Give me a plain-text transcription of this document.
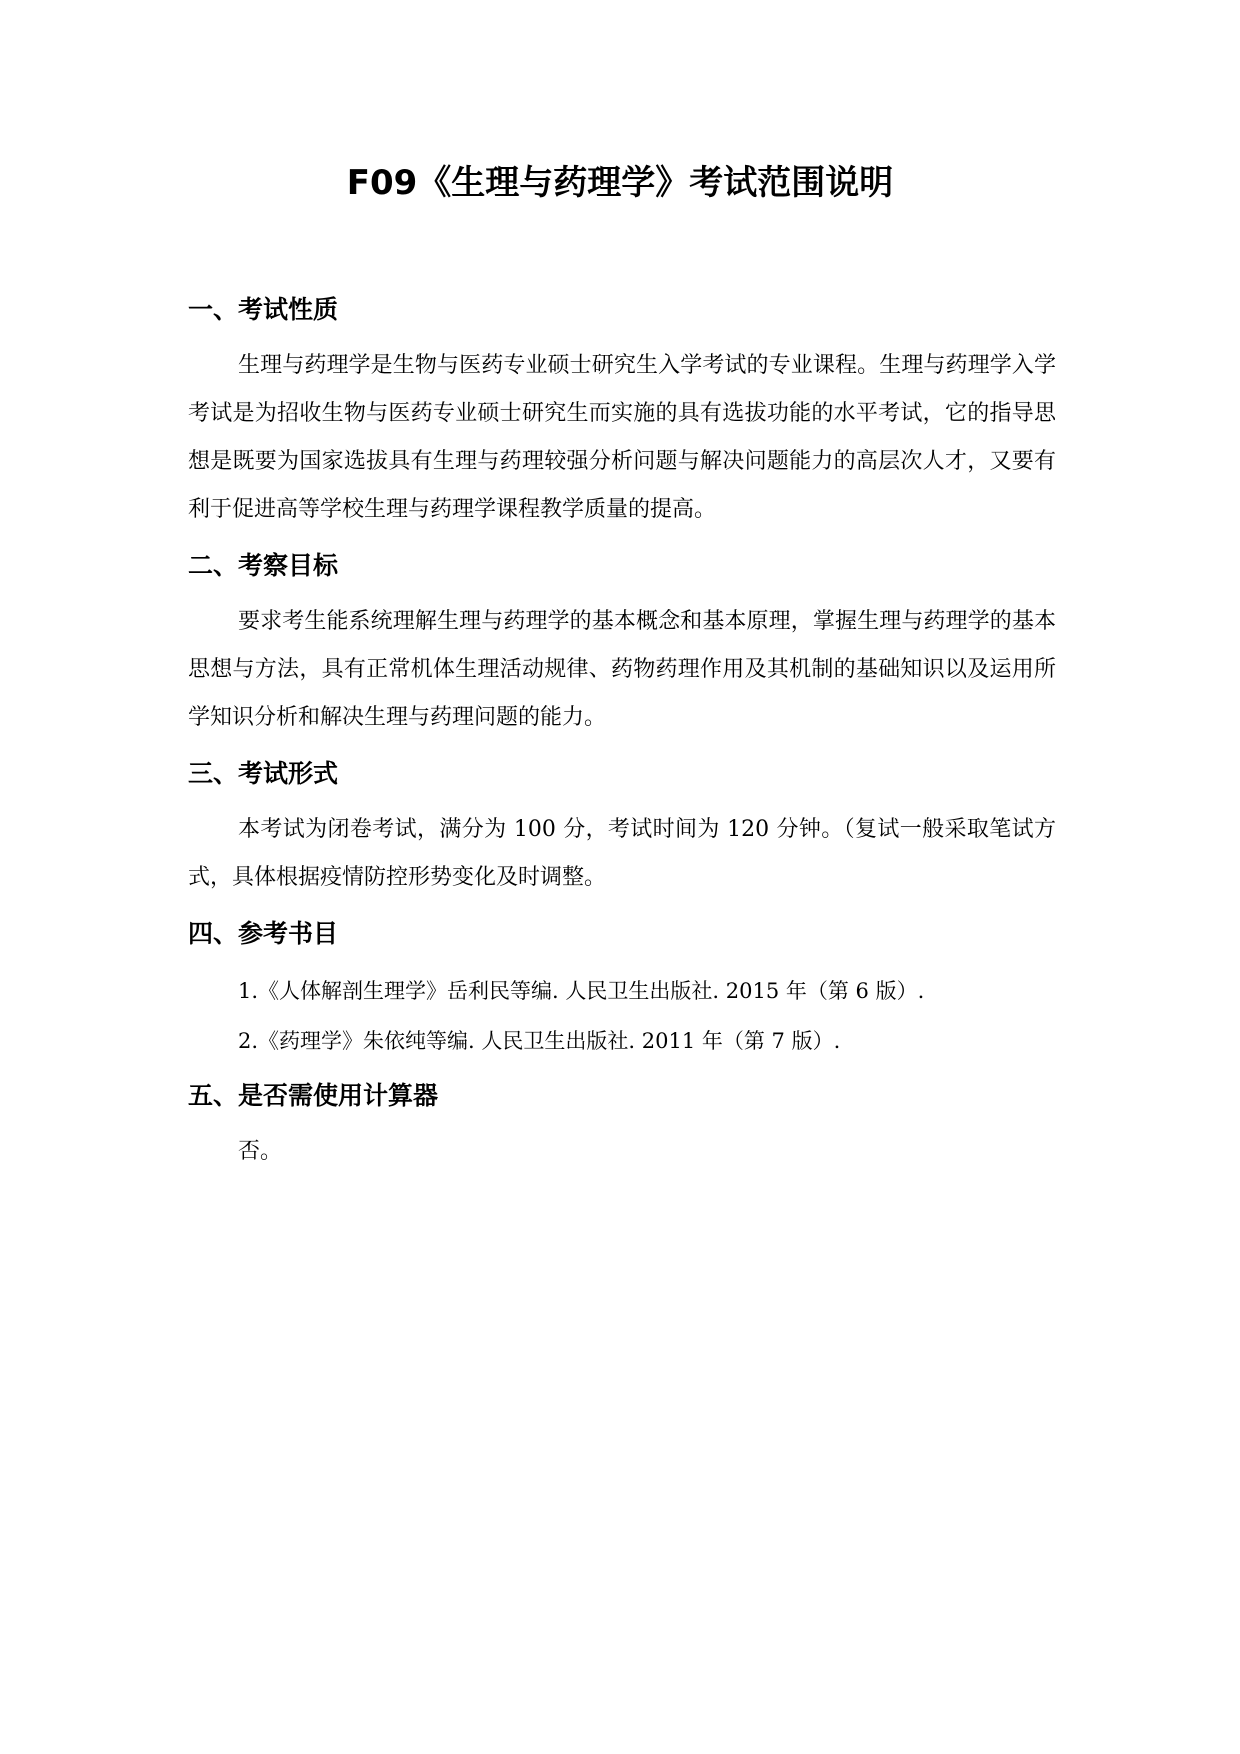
F09《生理与药理学》考试范围说明
一、考试性质

生理与药理学是生物与医药专业硕士研究生入学考试的专业课程。生理与药理学入学考试是为招收生物与医药专业硕士研究生而实施的具有选拔功能的水平考试，它的指导思想是既要为国家选拔具有生理与药理较强分析问题与解决问题能力的高层次人才，又要有利于促进高等学校生理与药理学课程教学质量的提高。

二、考察目标

要求考生能系统理解生理与药理学的基本概念和基本原理，掌握生理与药理学的基本思想与方法，具有正常机体生理活动规律、药物药理作用及其机制的基础知识以及运用所学知识分析和解决生理与药理问题的能力。

三、考试形式

本考试为闭卷考试，满分为 100 分，考试时间为 120 分钟。（复试一般采取笔试方式，具体根据疫情防控形势变化及时调整。

四、参考书目
1.《人体解剖生理学》岳利民等编. 人民卫生出版社. 2015 年（第 6 版）.
2.《药理学》朱依纯等编. 人民卫生出版社. 2011 年（第 7 版）.
五、是否需使用计算器

否。
